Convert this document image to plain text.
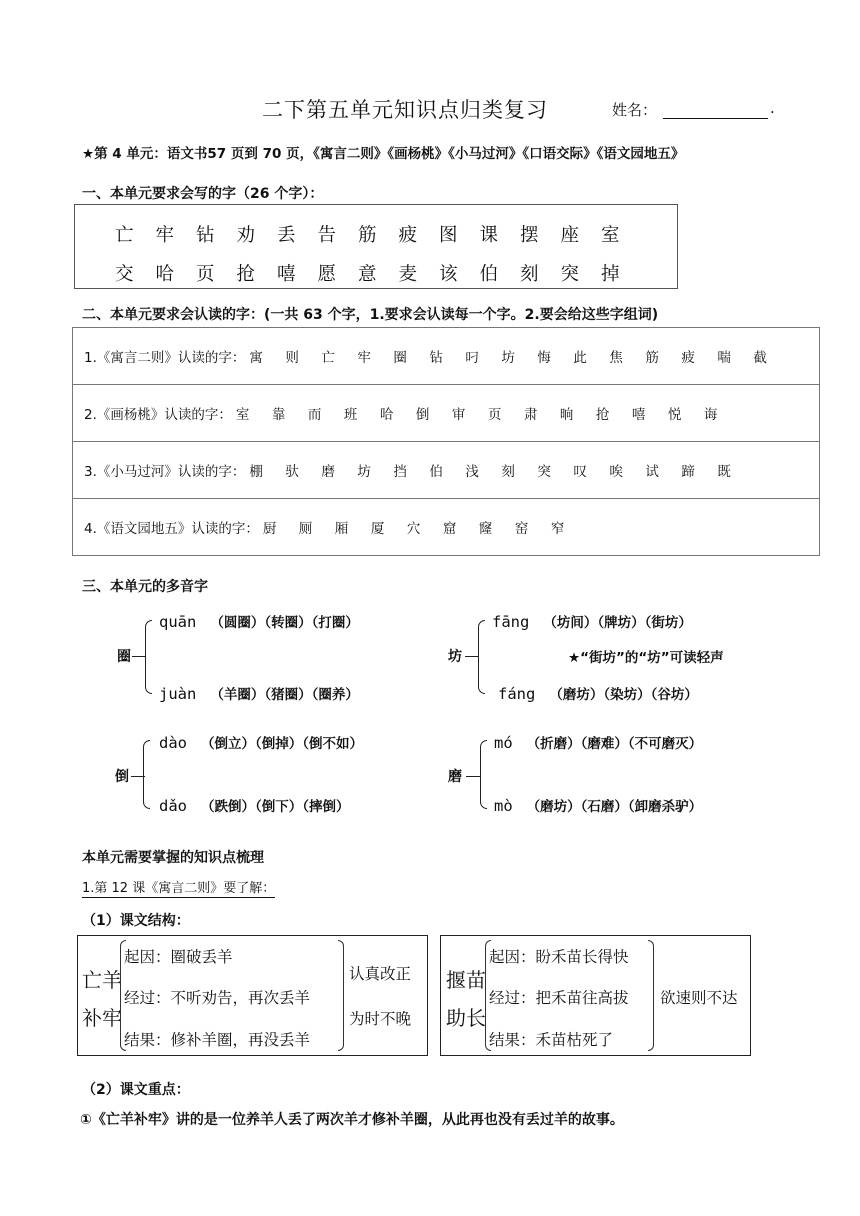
二下第五单元知识点归类复习	姓名：	.
★第 4 单元：语文书57 页到 70 页，《寓言二则》《画杨桃》《小马过河》《口语交际》《语文园地五》
一、本单元要求会写的字（26 个字）：
亡	牢	钻	劝	丢	告	筋	疲	图	课	摆	座	室
交	哈	页	抢	嘻	愿	意	麦	该	伯	刻	突	掉
二、本单元要求会认读的字：(一共 63 个字，1.要求会认读每一个字。2.要会给这些字组词)
1.《寓言二则》认读的字： 寓 则 亡 牢 圈 钻 叼 坊 悔 此 焦 筋 疲 喘 截
2.《画杨桃》认读的字： 室 靠 而 班 哈 倒 审 页 肃 晌 抢 嘻 悦 诲
3.《小马过河》认读的字： 棚 驮 磨 坊 挡 伯 浅 刻 突 叹 唉 试 蹄 既
4.《语文园地五》认读的字： 厨 厕 厢 厦 穴 窟 窿 窑 窄
三、本单元的多音字
圈
quān （圆圈）（转圈）（打圈）
juàn （羊圈）（猪圈）（圈养）
坊
fāng （坊间）（牌坊）（街坊）
★“街坊”的“坊”可读轻声
fáng （磨坊）（染坊）（谷坊）
倒
dào （倒立）（倒掉）（倒不如）
dǎo （跌倒）（倒下）（摔倒）
磨
mó （折磨）（磨难）（不可磨灭）
mò （磨坊）（石磨）（卸磨杀驴）
本单元需要掌握的知识点梳理
1.第 12 课《寓言二则》要了解：
（1）课文结构：
亡羊
补牢
起因：圈破丢羊
经过：不听劝告，再次丢羊
结果：修补羊圈，再没丢羊
认真改正
为时不晚
揠苗
助长
起因：盼禾苗长得快
经过：把禾苗往高拔
结果：禾苗枯死了
欲速则不达
（2）课文重点：
①《亡羊补牢》讲的是一位养羊人丢了两次羊才修补羊圈，从此再也没有丢过羊的故事。
